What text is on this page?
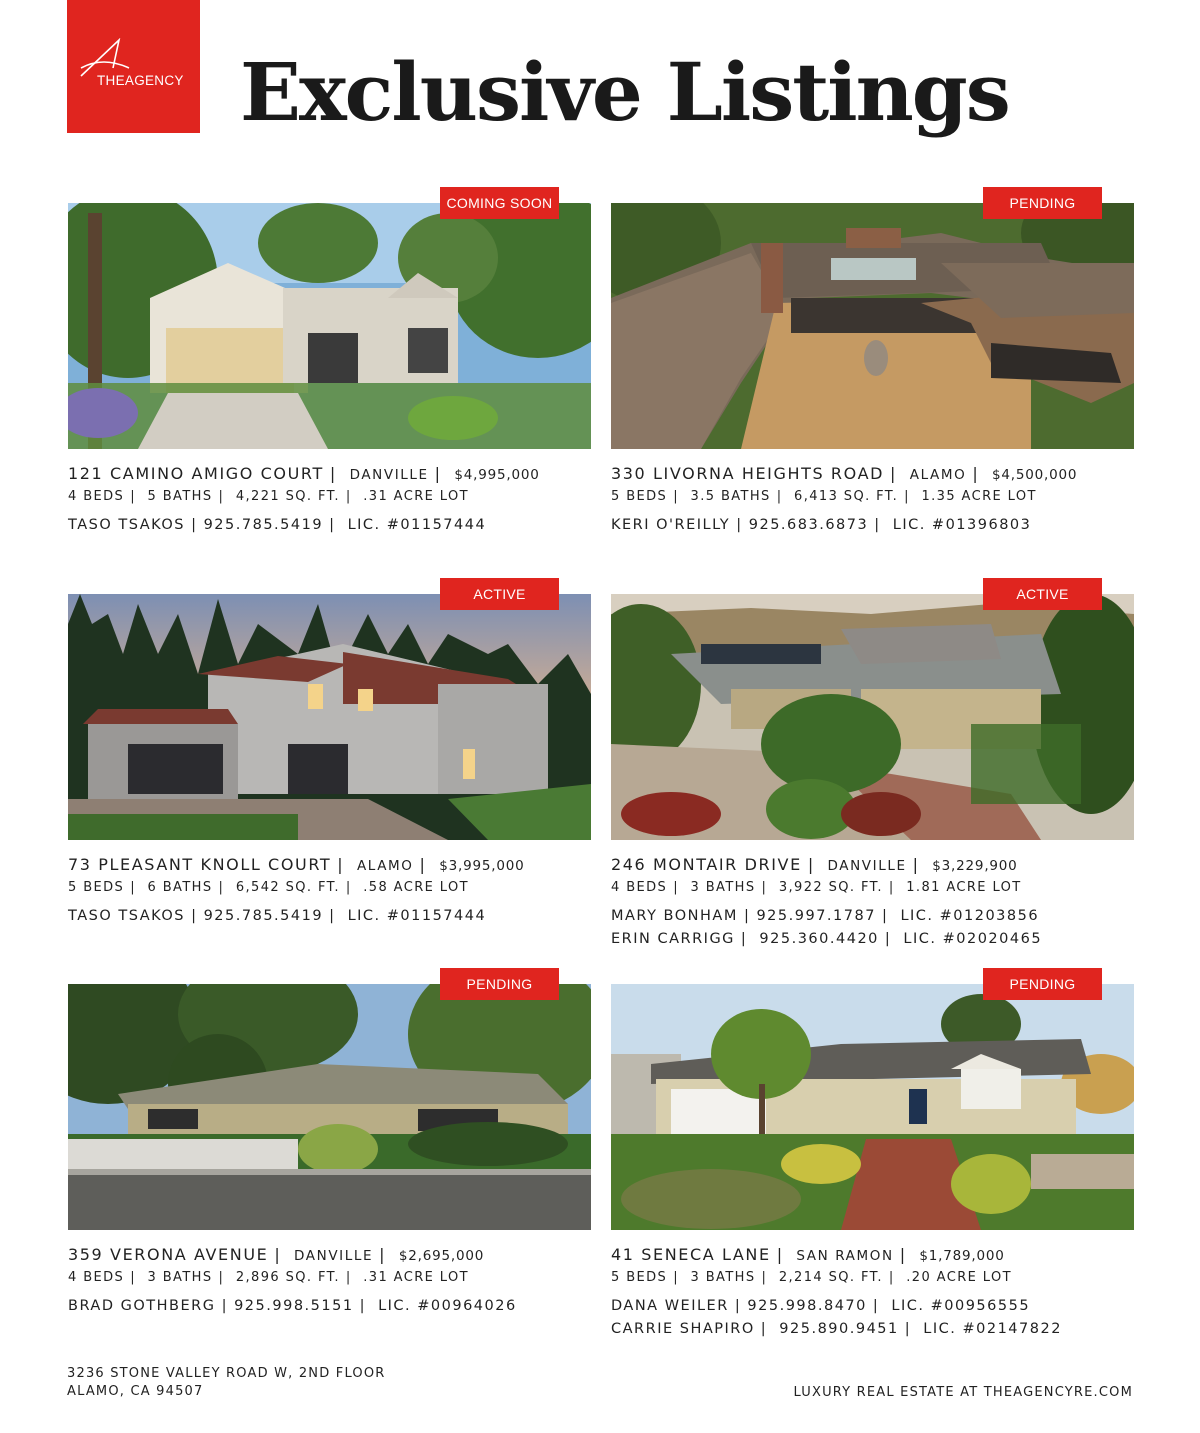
THEAGENCY Exclusive Listings
COMING SOON
121 CAMINO AMIGO COURT | DANVILLE | $4,995,000
4 BEDS | 5 BATHS | 4,221 SQ. FT. | .31 ACRE LOT
TASO TSAKOS | 925.785.5419 | LIC. #01157444
PENDING
330 LIVORNA HEIGHTS ROAD | ALAMO | $4,500,000
5 BEDS | 3.5 BATHS | 6,413 SQ. FT. | 1.35 ACRE LOT
KERI O'REILLY | 925.683.6873 | LIC. #01396803
ACTIVE
73 PLEASANT KNOLL COURT | ALAMO | $3,995,000
5 BEDS | 6 BATHS | 6,542 SQ. FT. | .58 ACRE LOT
TASO TSAKOS | 925.785.5419 | LIC. #01157444
ACTIVE
246 MONTAIR DRIVE | DANVILLE | $3,229,900
4 BEDS | 3 BATHS | 3,922 SQ. FT. | 1.81 ACRE LOT
MARY BONHAM | 925.997.1787 | LIC. #01203856
ERIN CARRIGG | 925.360.4420 | LIC. #02020465
PENDING
359 VERONA AVENUE | DANVILLE | $2,695,000
4 BEDS | 3 BATHS | 2,896 SQ. FT. | .31 ACRE LOT
BRAD GOTHBERG | 925.998.5151 | LIC. #00964026
PENDING
41 SENECA LANE | SAN RAMON | $1,789,000
5 BEDS | 3 BATHS | 2,214 SQ. FT. | .20 ACRE LOT
DANA WEILER | 925.998.8470 | LIC. #00956555
CARRIE SHAPIRO | 925.890.9451 | LIC. #02147822
3236 STONE VALLEY ROAD W, 2ND FLOOR
ALAMO, CA 94507	LUXURY REAL ESTATE AT THEAGENCYRE.COM
